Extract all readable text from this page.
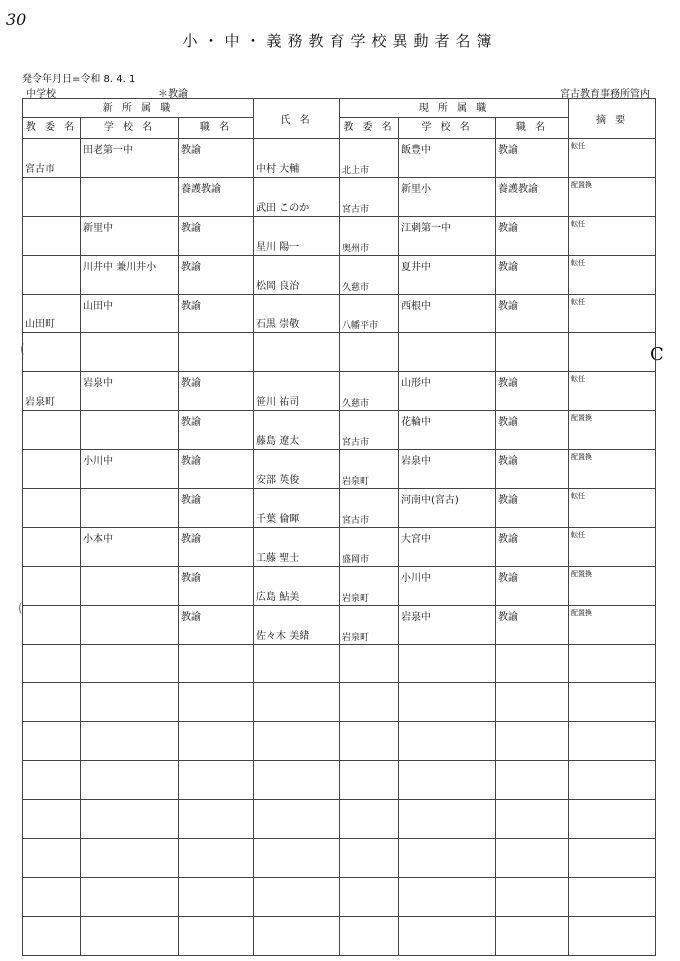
30
小・中・義務教育学校異動者名簿
発令年月日=令和 8. 4. 1
中学校	＊教諭	宮古教育事務所管内
C
(
(
新 所 属 職			氏 名	現 所 属 職			摘 要
教 委 名	学 校 名	職 名		教 委 名	学 校 名	職 名	

宮古市	田老第一中	教諭	中村 大輔	北上市	飯豊中	教諭	転任

		養護教諭	武田 このか	宮古市	新里小	養護教諭	配置換

	新里中	教諭	星川 陽一	奥州市	江刺第一中	教諭	転任

	川井中 兼川井小	教諭	松岡 良治	久慈市	夏井中	教諭	転任

山田町	山田中	教諭	石黒 崇敬	八幡平市	西根中	教諭	転任

岩泉町	岩泉中	教諭	笹川 祐司	久慈市	山形中	教諭	転任

		教諭	藤島 遼太	宮古市	花輪中	教諭	配置換

	小川中	教諭	安部 英俊	岩泉町	岩泉中	教諭	配置換

		教諭	千葉 倫暉	宮古市	河南中(宮古)	教諭	転任

	小本中	教諭	工藤 聖士	盛岡市	大宮中	教諭	転任

		教諭	広島 鮎美	岩泉町	小川中	教諭	配置換

		教諭	佐々木 美緒	岩泉町	岩泉中	教諭	配置換
